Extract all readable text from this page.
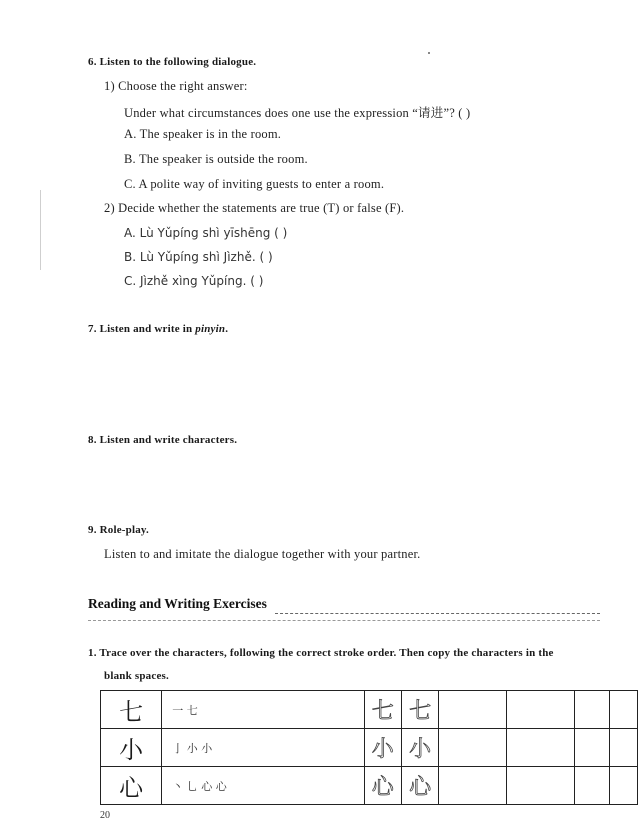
6. Listen to the following dialogue.
1) Choose the right answer:
Under what circumstances does one use the expression “请进”? ( )
A. The speaker is in the room.
B. The speaker is outside the room.
C. A polite way of inviting guests to enter a room.
2) Decide whether the statements are true (T) or false (F).
A. Lù Yǔpíng shì yīshēng ( )
B. Lù Yǔpíng shì Jìzhě. ( )
C. Jìzhě xìng Yǔpíng. ( )
7. Listen and write in pinyin.
8. Listen and write characters.
9. Role-play.
Listen to and imitate the dialogue together with your partner.
Reading and Writing Exercises
1. Trace over the characters, following the correct stroke order. Then copy the characters in the
blank spaces.
七	一 七	七	七				
小	亅 小 小	小	小				
心	丶 乚 心 心	心	心				
20
